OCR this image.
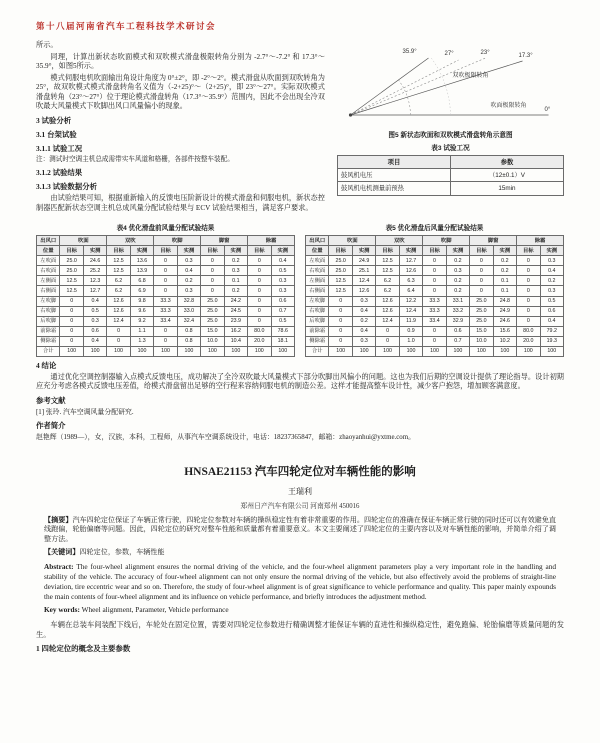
第十八届河南省汽车工程科技学术研讨会

所示。

同理，计算出新状态吹面模式和双吹模式滑盘极限转角分别为 -2.7°～-7.2° 和 17.3°～35.9°，如图5所示。

模式伺服电机吹面输出角设计角度为 0°±2°，即 -2°～2°。模式滑盘从吹面到双吹转角为 25°，故双吹模式模式滑盘转角名义值为（-2+25)°～（2+25)°，即 23°～27°。实际双吹模式滑盘转角（23°～27°）位于理论模式滑盘转角（17.3°～35.9°）范围内，因此不会出现全冷双吹最大风量模式下吹脚出风口风量偏小的现象。

3 试验分析
3.1 台架试验
3.1.1 试验工况
注：测试时空调主机总成需带实车风道和格栅，各部件按整车装配。
3.1.2 试验结果
3.1.3 试验数据分析

由试验结果可知，根据重新输入的反馈电压阶新设计的模式滑盘和伺服电机，新状态控制器匹配新状态空调主机总成风量分配试验结果与 ECV 试验结果相当，满足客户要求。

35.9°	27°	23°	17.3°
0°
双吹极限转角
吹面极限转角
图5 新状态吹面和双吹模式滑盘转角示意图
表3 试验工况
项目	参数
鼓风机电压	（12±0.1）V
鼓风机电机测量前预热	15min
表4 优化滑盘前风量分配试验结果
出风口	吹面		双吹		吹脚		脚窗		除霜	
位置	目标	实测	目标	实测	目标	实测	目标	实测	目标	实测
左吹面	25.0	24.6	12.5	13.6	0	0.3	0	0.2	0	0.4
右吹面	25.0	25.2	12.5	13.9	0	0.4	0	0.3	0	0.5
左侧面	12.5	12.3	6.2	6.8	0	0.2	0	0.1	0	0.3
右侧面	12.5	12.7	6.2	6.9	0	0.3	0	0.2	0	0.3
左吹脚	0	0.4	12.6	9.8	33.3	32.8	25.0	24.2	0	0.6
右吹脚	0	0.5	12.6	9.6	33.3	33.0	25.0	24.5	0	0.7
后吹脚	0	0.3	12.4	9.2	33.4	32.4	25.0	23.9	0	0.5
前除霜	0	0.6	0	1.1	0	0.8	15.0	16.2	80.0	78.6
侧除霜	0	0.4	0	1.3	0	0.8	10.0	10.4	20.0	18.1
合计	100	100	100	100	100	100	100	100	100	100
表5 优化滑盘后风量分配试验结果
出风口	吹面		双吹		吹脚		脚窗		除霜	
位置	目标	实测	目标	实测	目标	实测	目标	实测	目标	实测
左吹面	25.0	24.9	12.5	12.7	0	0.2	0	0.2	0	0.3
右吹面	25.0	25.1	12.5	12.6	0	0.3	0	0.2	0	0.4
左侧面	12.5	12.4	6.2	6.3	0	0.2	0	0.1	0	0.2
右侧面	12.5	12.6	6.2	6.4	0	0.2	0	0.1	0	0.3
左吹脚	0	0.3	12.6	12.2	33.3	33.1	25.0	24.8	0	0.5
右吹脚	0	0.4	12.6	12.4	33.3	33.2	25.0	24.9	0	0.6
后吹脚	0	0.2	12.4	11.9	33.4	32.9	25.0	24.6	0	0.4
前除霜	0	0.4	0	0.9	0	0.6	15.0	15.6	80.0	79.2
侧除霜	0	0.3	0	1.0	0	0.7	10.0	10.2	20.0	19.3
合计	100	100	100	100	100	100	100	100	100	100
4 结论

通过优化空调控制器输入点模式反馈电压，成功解决了全冷双吹最大风量模式下部分吹脚出风偏小的问题。这也为我们后期的空调设计提供了理论指导。设计初期应充分考虑各模式反馈电压差值，给模式滑盘留出足够的空行程来容纳伺服电机的制造公差。这样才能提高整车设计性，减少客户抱怨，增加顾客满意度。

参考文献
[1] 张玲. 汽车空调风量分配研究.
作者简介
赵艳辉（1989—），女，汉族，本科，工程师，从事汽车空调系统设计，电话：18237365847，邮箱：zhaoyanhui@yxtme.com。
HNSAE21153 汽车四轮定位对车辆性能的影响
王瑞利
郑州日产汽车有限公司 河南郑州 450016
【摘要】汽车四轮定位保证了车辆正常行驶，四轮定位参数对车辆的操纵稳定性有着非常重要的作用。四轮定位的准确在保证车辆正常行驶的同时还可以有效避免直线跑偏，轮胎偏磨等问题。因此，四轮定位的研究对整车性能和质量都有着重要意义。本文主要阐述了四轮定位的主要内容以及对车辆性能的影响，并简单介绍了调整方法。
【关键词】四轮定位，参数，车辆性能
Abstract: The four-wheel alignment ensures the normal driving of the vehicle, and the four-wheel alignment parameters play a very important role in the handling and stability of the vehicle. The accuracy of four-wheel alignment can not only ensure the normal driving of the vehicle, but also effectively avoid the problems of straight-line deviation, tire eccentric wear and so on. Therefore, the study of four-wheel alignment is of great significance to vehicle performance and quality. This paper mainly expounds the main contents of four-wheel alignment and its influence on vehicle performance, and briefly introduces the adjustment method.
Key words: Wheel alignment, Parameter, Vehicle performance

车辆在总装车间装配下线后，车轮处在固定位置，需要对四轮定位参数进行精确调整才能保证车辆的直进性和操纵稳定性，避免跑偏、轮胎偏磨等质量问题的发生。

1 四轮定位的概念及主要参数
